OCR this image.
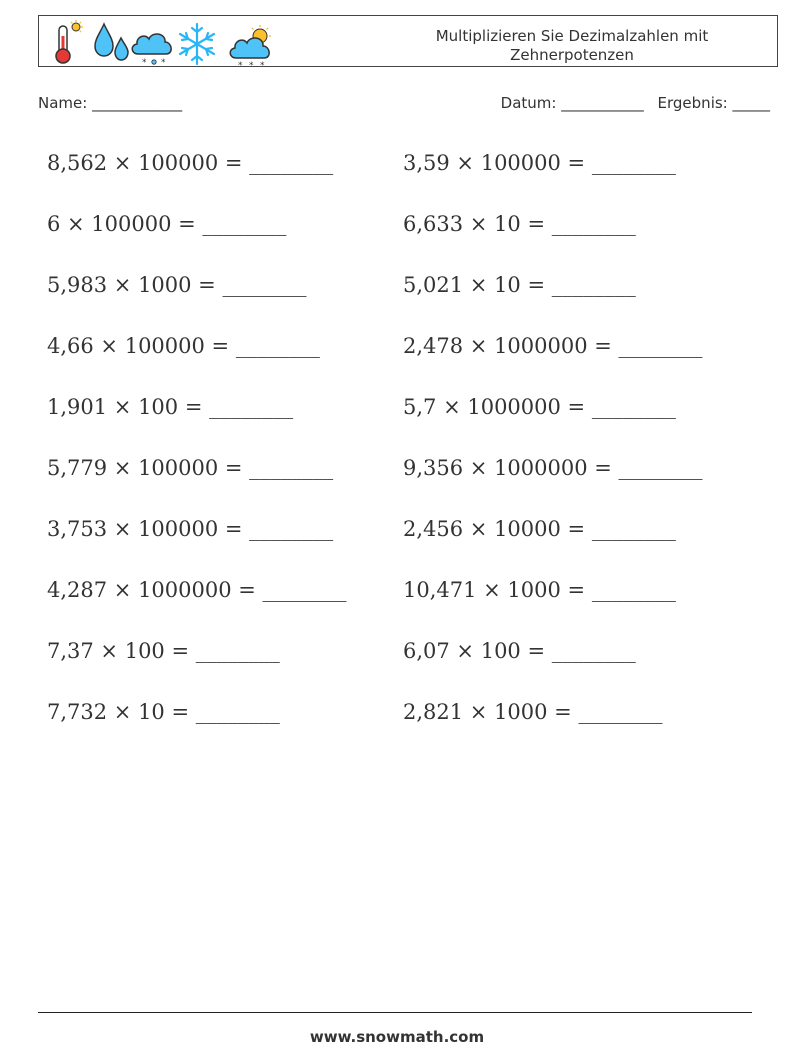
* *	* * *
Multiplizieren Sie Dezimalzahlen mit Zehnerpotenzen
Name: ____________	Datum: ___________ Ergebnis: _____
8,562 × 100000 = ________
6 × 100000 = ________
5,983 × 1000 = ________
4,66 × 100000 = ________
1,901 × 100 = ________
5,779 × 100000 = ________
3,753 × 100000 = ________
4,287 × 1000000 = ________
7,37 × 100 = ________
7,732 × 10 = ________
3,59 × 100000 = ________
6,633 × 10 = ________
5,021 × 10 = ________
2,478 × 1000000 = ________
5,7 × 1000000 = ________
9,356 × 1000000 = ________
2,456 × 10000 = ________
10,471 × 1000 = ________
6,07 × 100 = ________
2,821 × 1000 = ________
www.snowmath.com
